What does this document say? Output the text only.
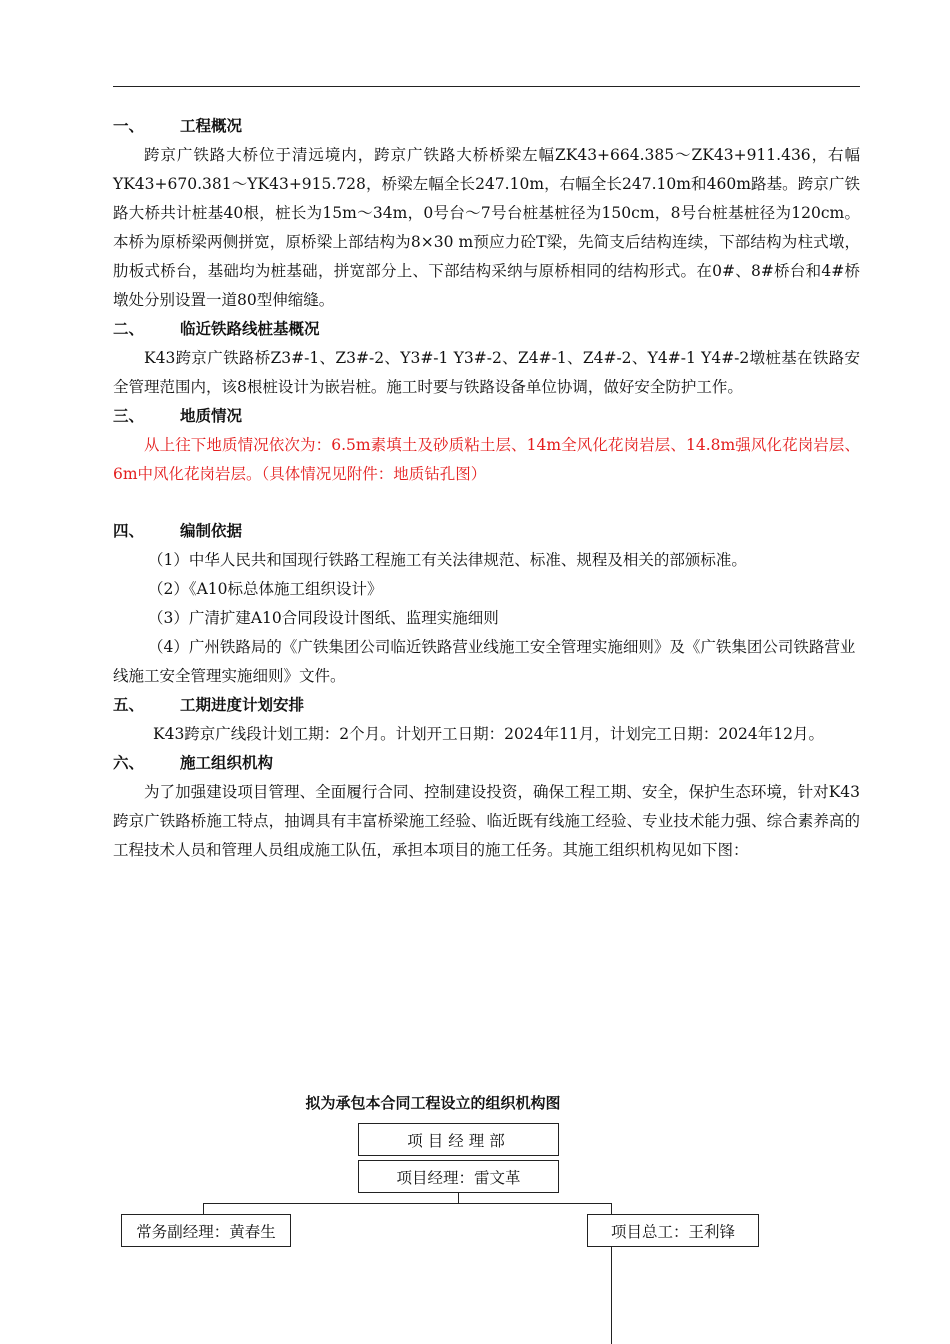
一、	工程概况

跨京广铁路大桥位于清远境内，跨京广铁路大桥桥梁左幅ZK43+664.385～ZK43+911.436，右幅YK43+670.381～YK43+915.728，桥梁左幅全长247.10m，右幅全长247.10m和460m路基。跨京广铁路大桥共计桩基40根，桩长为15m～34m，0号台～7号台桩基桩径为150cm，8号台桩基桩径为120cm。本桥为原桥梁两侧拼宽，原桥梁上部结构为8×30 m预应力砼T梁，先简支后结构连续，下部结构为柱式墩，肋板式桥台，基础均为桩基础，拼宽部分上、下部结构采纳与原桥相同的结构形式。在0#、8#桥台和4#桥墩处分别设置一道80型伸缩缝。

二、	临近铁路线桩基概况

K43跨京广铁路桥Z3#-1、Z3#-2、Y3#-1 Y3#-2、Z4#-1、Z4#-2、Y4#-1 Y4#-2墩桩基在铁路安全管理范围内，该8根桩设计为嵌岩桩。施工时要与铁路设备单位协调，做好安全防护工作。

三、	地质情况

从上往下地质情况依次为：6.5m素填土及砂质粘土层、14m全风化花岗岩层、14.8m强风化花岗岩层、6m中风化花岗岩层。（具体情况见附件：地质钻孔图）

四、	编制依据

（1）中华人民共和国现行铁路工程施工有关法律规范、标准、规程及相关的部颁标准。

（2）《A10标总体施工组织设计》

（3）广清扩建A10合同段设计图纸、监理实施细则

（4）广州铁路局的《广铁集团公司临近铁路营业线施工安全管理实施细则》及《广铁集团公司铁路营业线施工安全管理实施细则》文件。

五、	工期进度计划安排

K43跨京广线段计划工期：2个月。计划开工日期：2024年11月，计划完工日期：2024年12月。

六、	施工组织机构

为了加强建设项目管理、全面履行合同、控制建设投资，确保工程工期、安全，保护生态环境，针对K43跨京广铁路桥施工特点，抽调具有丰富桥梁施工经验、临近既有线施工经验、专业技术能力强、综合素养高的工程技术人员和管理人员组成施工队伍，承担本项目的施工任务。其施工组织机构见如下图：

拟为承包本合同工程设立的组织机构图
项目经理部
项目经理：雷文革
常务副经理：黄春生	项目总工：王利锋
